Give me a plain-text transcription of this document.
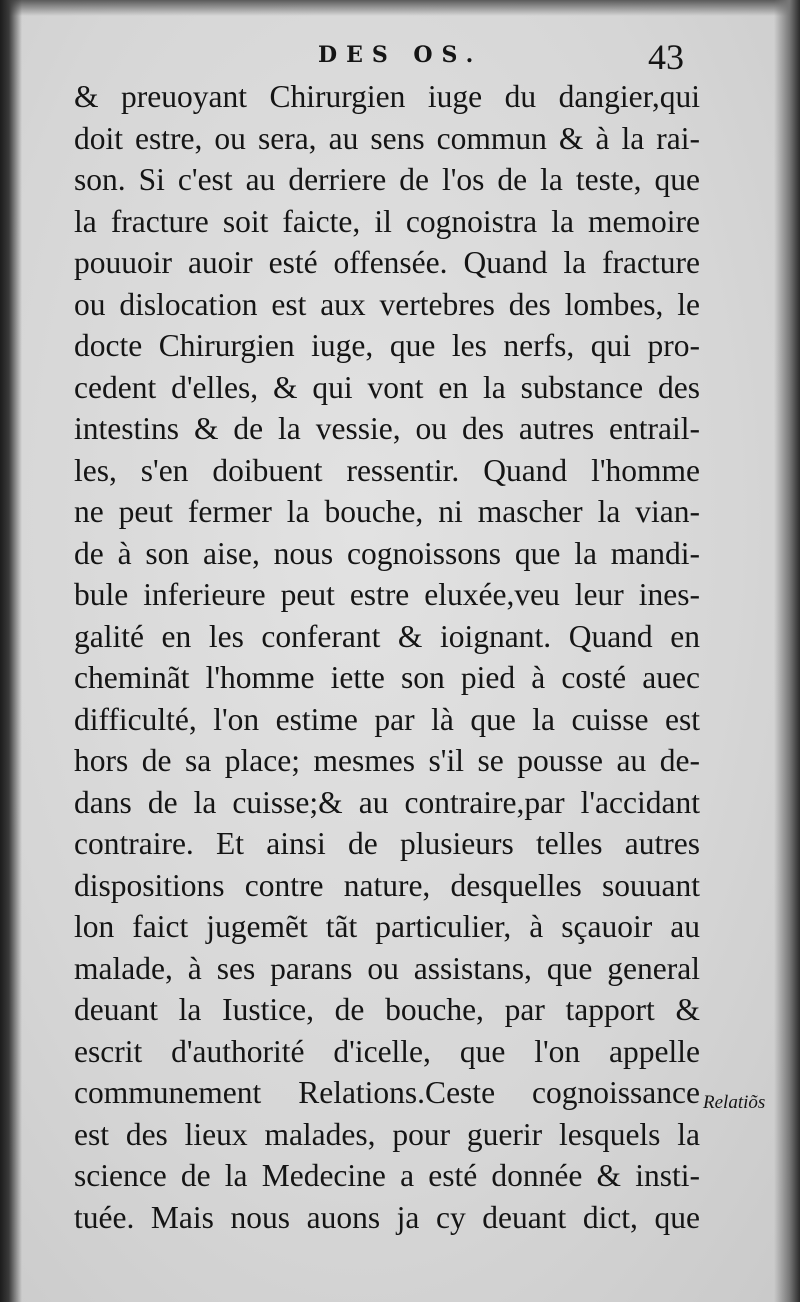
DES OS.	43
& preuoyant Chirurgien iuge du dangier,qui
doit estre, ou sera, au sens commun & à la rai-
son. Si c'est au derriere de l'os de la teste, que
la fracture soit faicte, il cognoistra la memoire
pouuoir auoir esté offensée. Quand la fracture
ou dislocation est aux vertebres des lombes, le
docte Chirurgien iuge, que les nerfs, qui pro-
cedent d'elles, & qui vont en la substance des
intestins & de la vessie, ou des autres entrail-
les, s'en doibuent ressentir. Quand l'homme
ne peut fermer la bouche, ni mascher la vian-
de à son aise, nous cognoissons que la mandi-
bule inferieure peut estre eluxée,veu leur ines-
galité en les conferant & ioignant. Quand en
cheminãt l'homme iette son pied à costé auec
difficulté, l'on estime par là que la cuisse est
hors de sa place; mesmes s'il se pousse au de-
dans de la cuisse;& au contraire,par l'accidant
contraire. Et ainsi de plusieurs telles autres
dispositions contre nature, desquelles souuant
lon faict jugemẽt tãt particulier, à sçauoir au
malade, à ses parans ou assistans, que general
deuant la Iustice, de bouche, par tapport &
escrit d'authorité d'icelle, que l'on appelle
communement Relations.Ceste cognoissance
est des lieux malades, pour guerir lesquels la
science de la Medecine a esté donnée & insti-
tuée. Mais nous auons ja cy deuant dict, que
Relatiõs
